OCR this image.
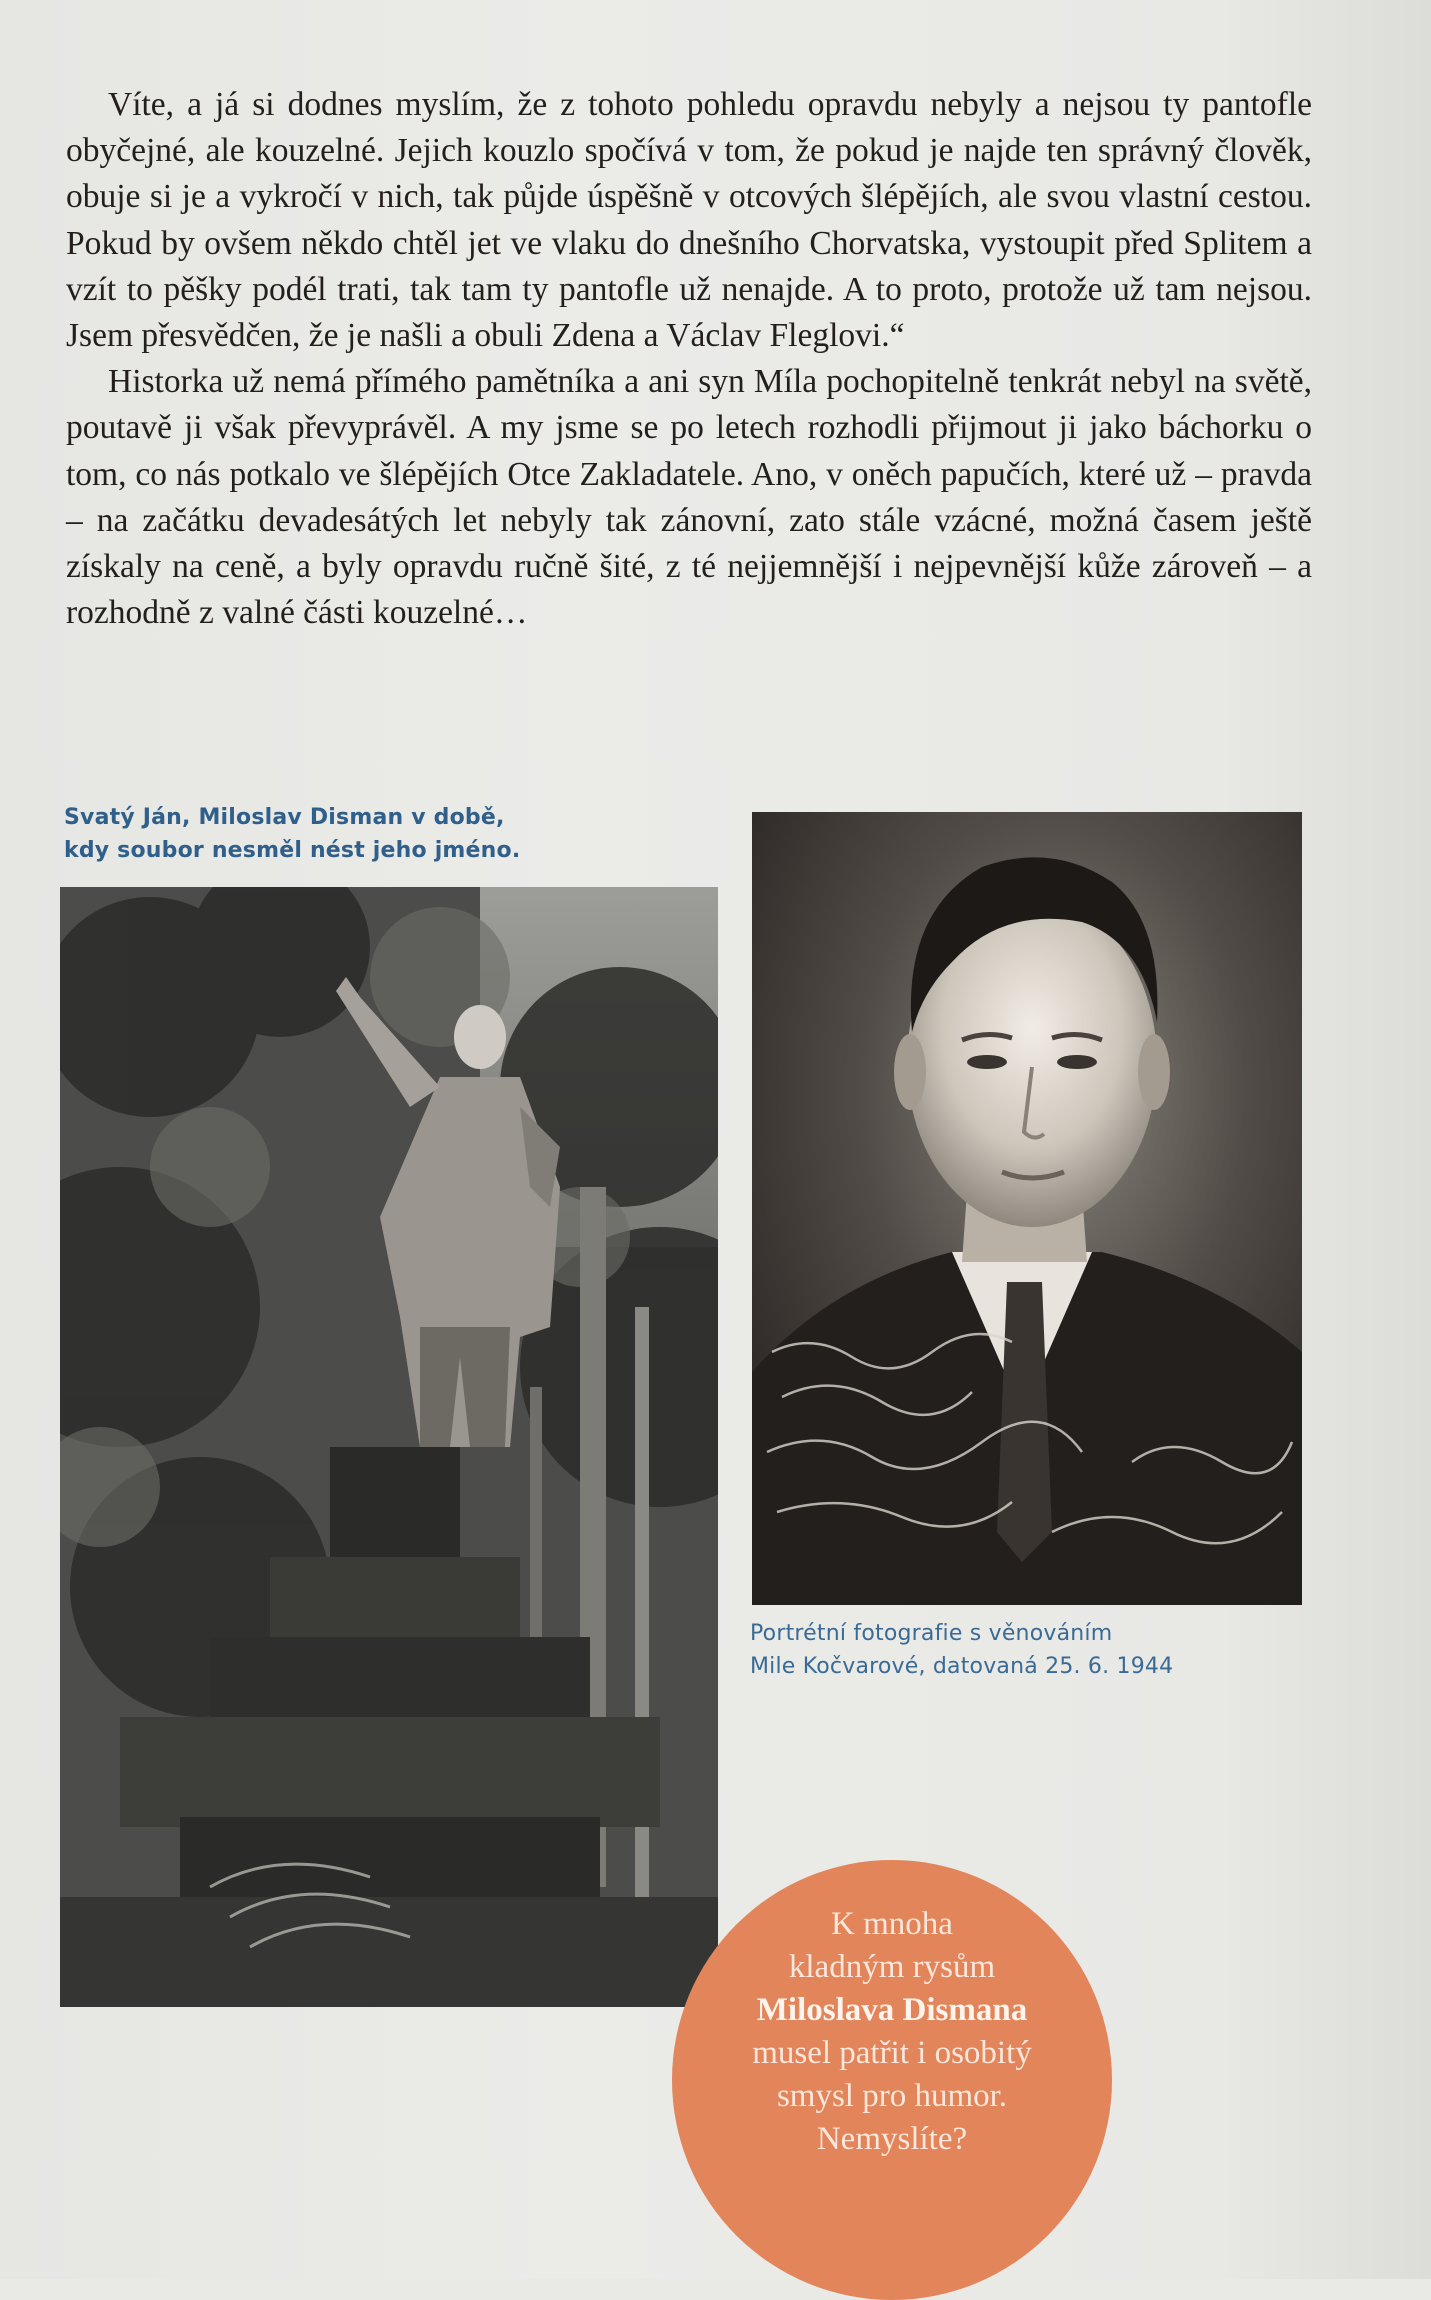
Víte, a já si dodnes myslím, že z tohoto pohledu opravdu nebyly a nejsou ty pantofle obyčejné, ale kouzelné. Jejich kouzlo spočívá v tom, že pokud je najde ten správný člověk, obuje si je a vykročí v nich, tak půjde úspěšně v otcových šlépějích, ale svou vlastní cestou. Pokud by ovšem někdo chtěl jet ve vlaku do dnešního Chorvatska, vystoupit před Splitem a vzít to pěšky podél trati, tak tam ty pantofle už nenajde. A to proto, protože už tam nejsou. Jsem přesvědčen, že je našli a obuli Zdena a Václav Fleglovi.“

Historka už nemá přímého pamětníka a ani syn Míla pochopitelně tenkrát nebyl na světě, poutavě ji však převyprávěl. A my jsme se po letech rozhodli přijmout ji jako báchorku o tom, co nás potkalo ve šlépějích Otce Zakladatele. Ano, v oněch papučích, které už – pravda – na začátku devadesátých let nebyly tak zánovní, zato stále vzácné, možná časem ještě získaly na ceně, a byly opravdu ručně šité, z té nejjemnější i nejpevnější kůže zároveň – a rozhodně z valné části kouzelné…

Svatý Ján, Miloslav Disman v době,
kdy soubor nesměl nést jeho jméno.
Portrétní fotografie s věnováním
Mile Kočvarové, datovaná 25. 6. 1944
K mnoha
kladným rysům
Miloslava Dismana
musel patřit i osobitý
smysl pro humor.
Nemyslíte?
